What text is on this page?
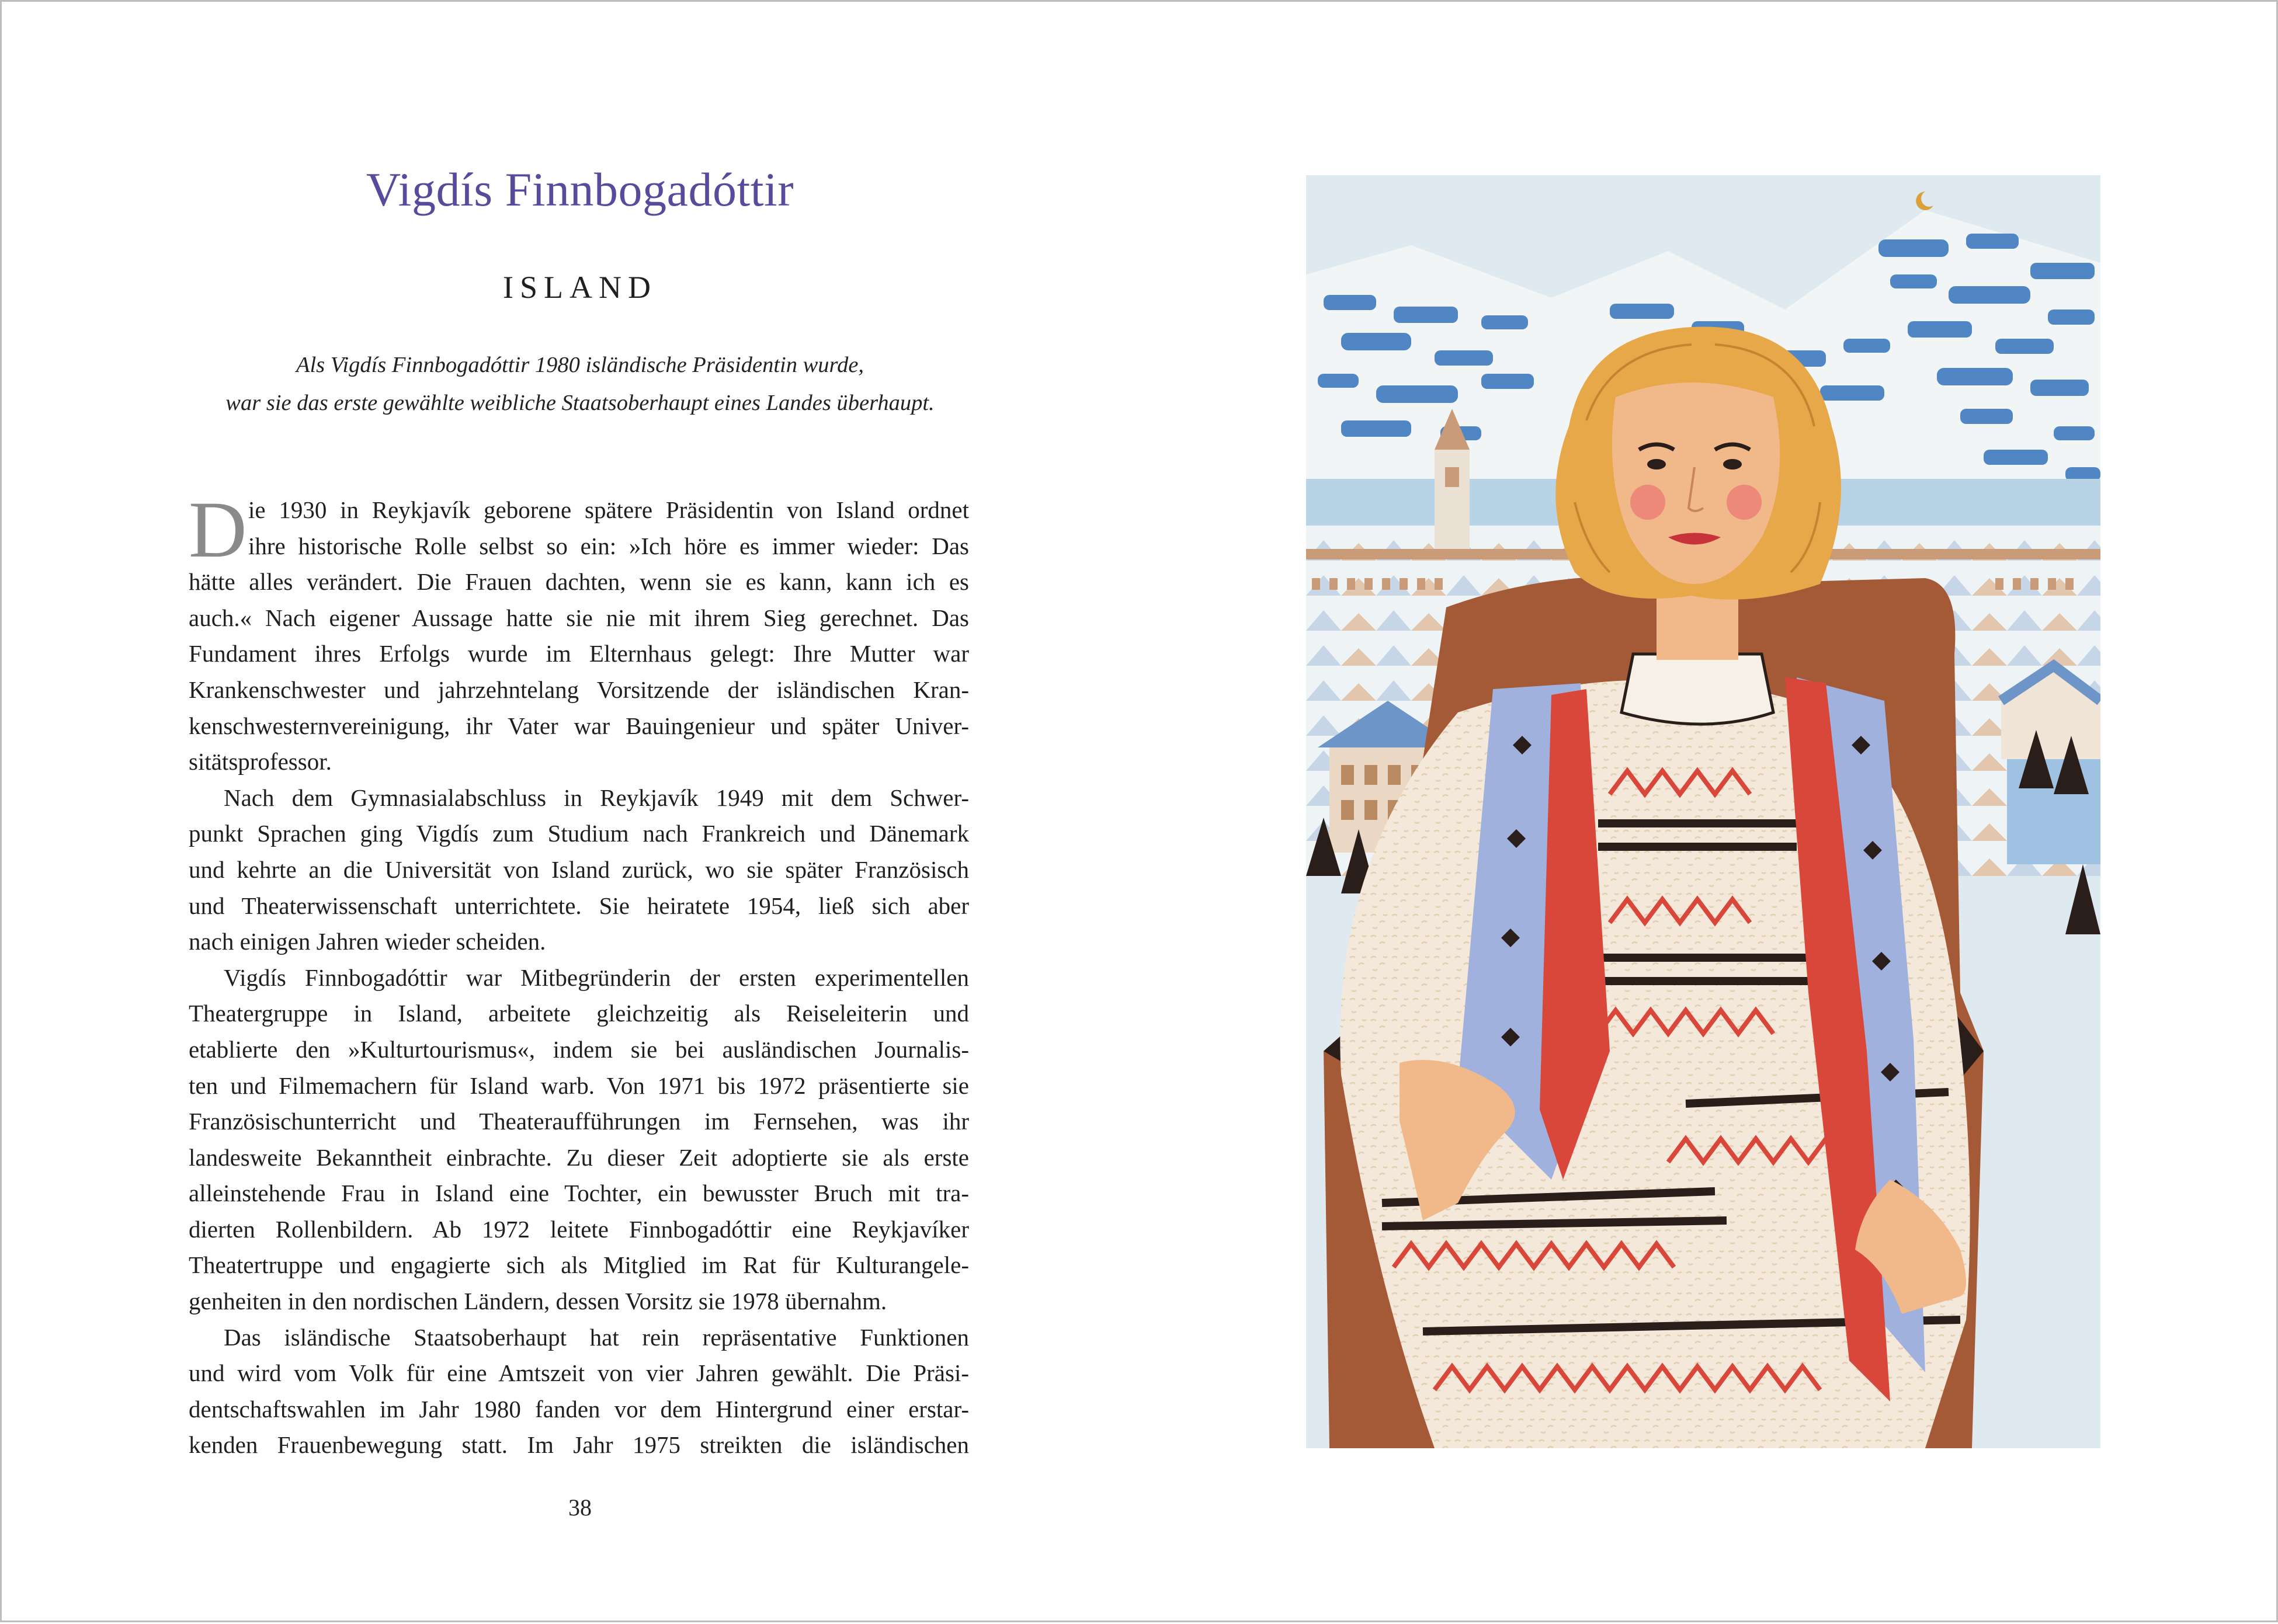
Vigdís Finnbogadóttir
ISLAND
Als Vigdís Finnbogadóttir 1980 isländische Präsidentin wurde,
war sie das erste gewählte weibliche Staatsoberhaupt eines Landes überhaupt.
D ie 1930 in Reykjavík geborene spätere Präsidentin von Island ordnet
ihre historische Rolle selbst so ein: »Ich höre es immer wieder: Das
hätte alles verändert. Die Frauen dachten, wenn sie es kann, kann ich es
auch.« Nach eigener Aussage hatte sie nie mit ihrem Sieg gerechnet. Das
Fundament ihres Erfolgs wurde im Elternhaus gelegt: Ihre Mutter war
Krankenschwester und jahrzehntelang Vorsitzende der isländischen Kran-
kenschwesternvereinigung, ihr Vater war Bauingenieur und später Univer-
sitätsprofessor.
Nach dem Gymnasialabschluss in Reykjavík 1949 mit dem Schwer-
punkt Sprachen ging Vigdís zum Studium nach Frankreich und Dänemark
und kehrte an die Universität von Island zurück, wo sie später Französisch
und Theaterwissenschaft unterrichtete. Sie heiratete 1954, ließ sich aber
nach einigen Jahren wieder scheiden.
Vigdís Finnbogadóttir war Mitbegründerin der ersten experimentellen
Theatergruppe in Island, arbeitete gleichzeitig als Reiseleiterin und
etablierte den »Kulturtourismus«, indem sie bei ausländischen Journalis-
ten und Filmemachern für Island warb. Von 1971 bis 1972 präsentierte sie
Französischunterricht und Theateraufführungen im Fernsehen, was ihr
landesweite Bekanntheit einbrachte. Zu dieser Zeit adoptierte sie als erste
alleinstehende Frau in Island eine Tochter, ein bewusster Bruch mit tra-
dierten Rollenbildern. Ab 1972 leitete Finnbogadóttir eine Reykjavíker
Theatertruppe und engagierte sich als Mitglied im Rat für Kulturangele-
genheiten in den nordischen Ländern, dessen Vorsitz sie 1978 übernahm.
Das isländische Staatsoberhaupt hat rein repräsentative Funktionen
und wird vom Volk für eine Amtszeit von vier Jahren gewählt. Die Präsi-
dentschaftswahlen im Jahr 1980 fanden vor dem Hintergrund einer erstar-
kenden Frauenbewegung statt. Im Jahr 1975 streikten die isländischen
38
